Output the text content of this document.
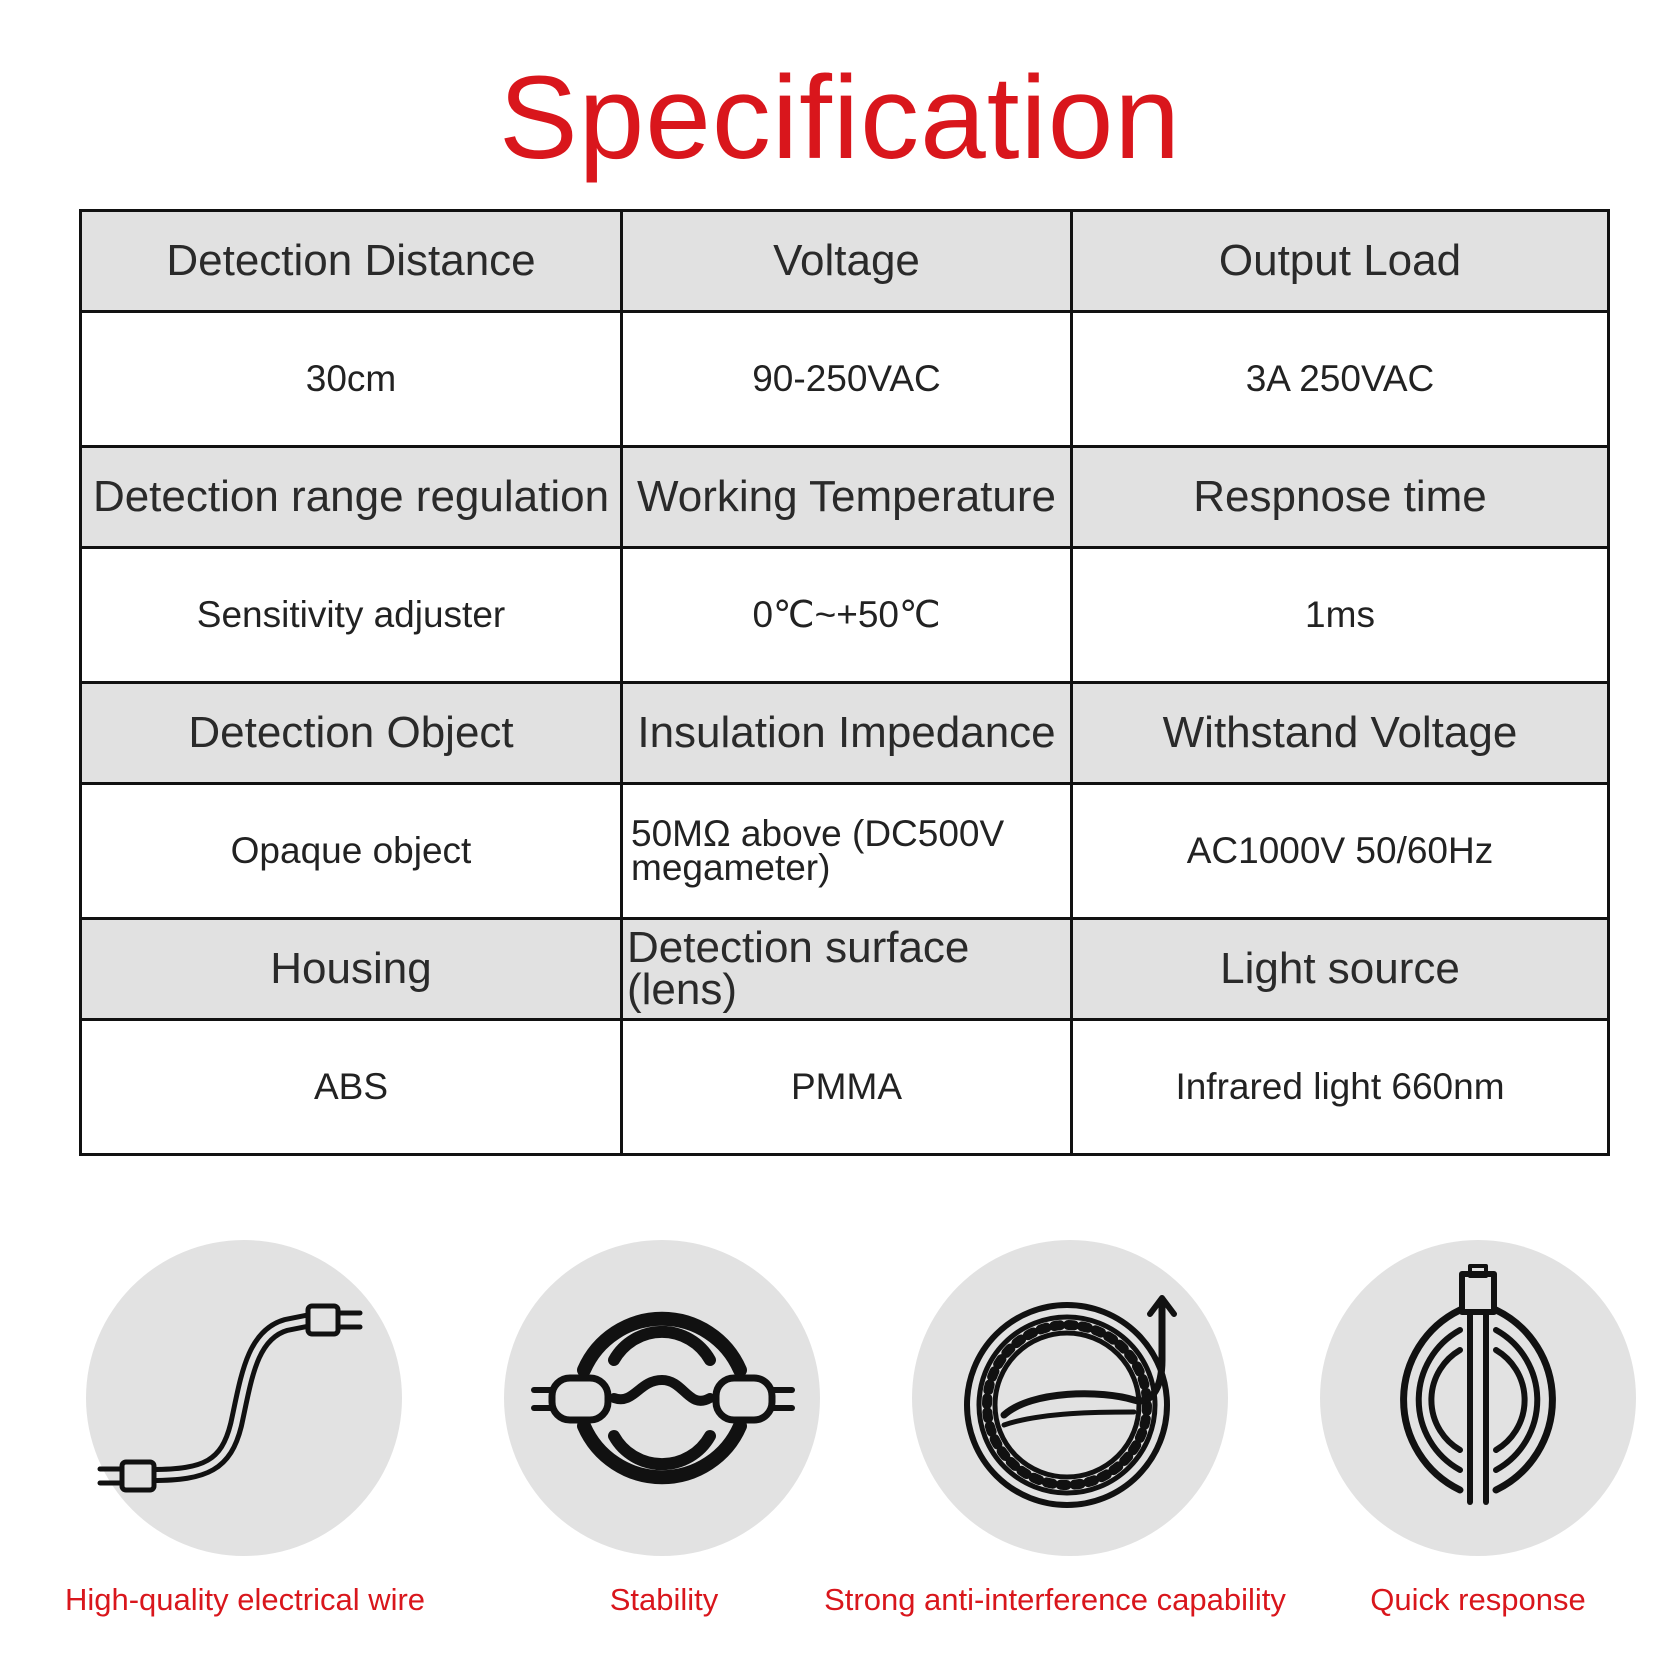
Specification
Detection Distance	Voltage	Output Load
30cm	90-250VAC	3A 250VAC
Detection range regulation	Working Temperature	Respnose time
Sensitivity adjuster	0℃~+50℃	1ms
Detection Object	Insulation Impedance	Withstand Voltage
Opaque object	50MΩ above (DC500V megameter)	AC1000V 50/60Hz
Housing	Detection surface (lens)	Light source
ABS	PMMA	Infrared light 660nm
High-quality electrical wire	Stability	Strong anti-interference capability	Quick response
